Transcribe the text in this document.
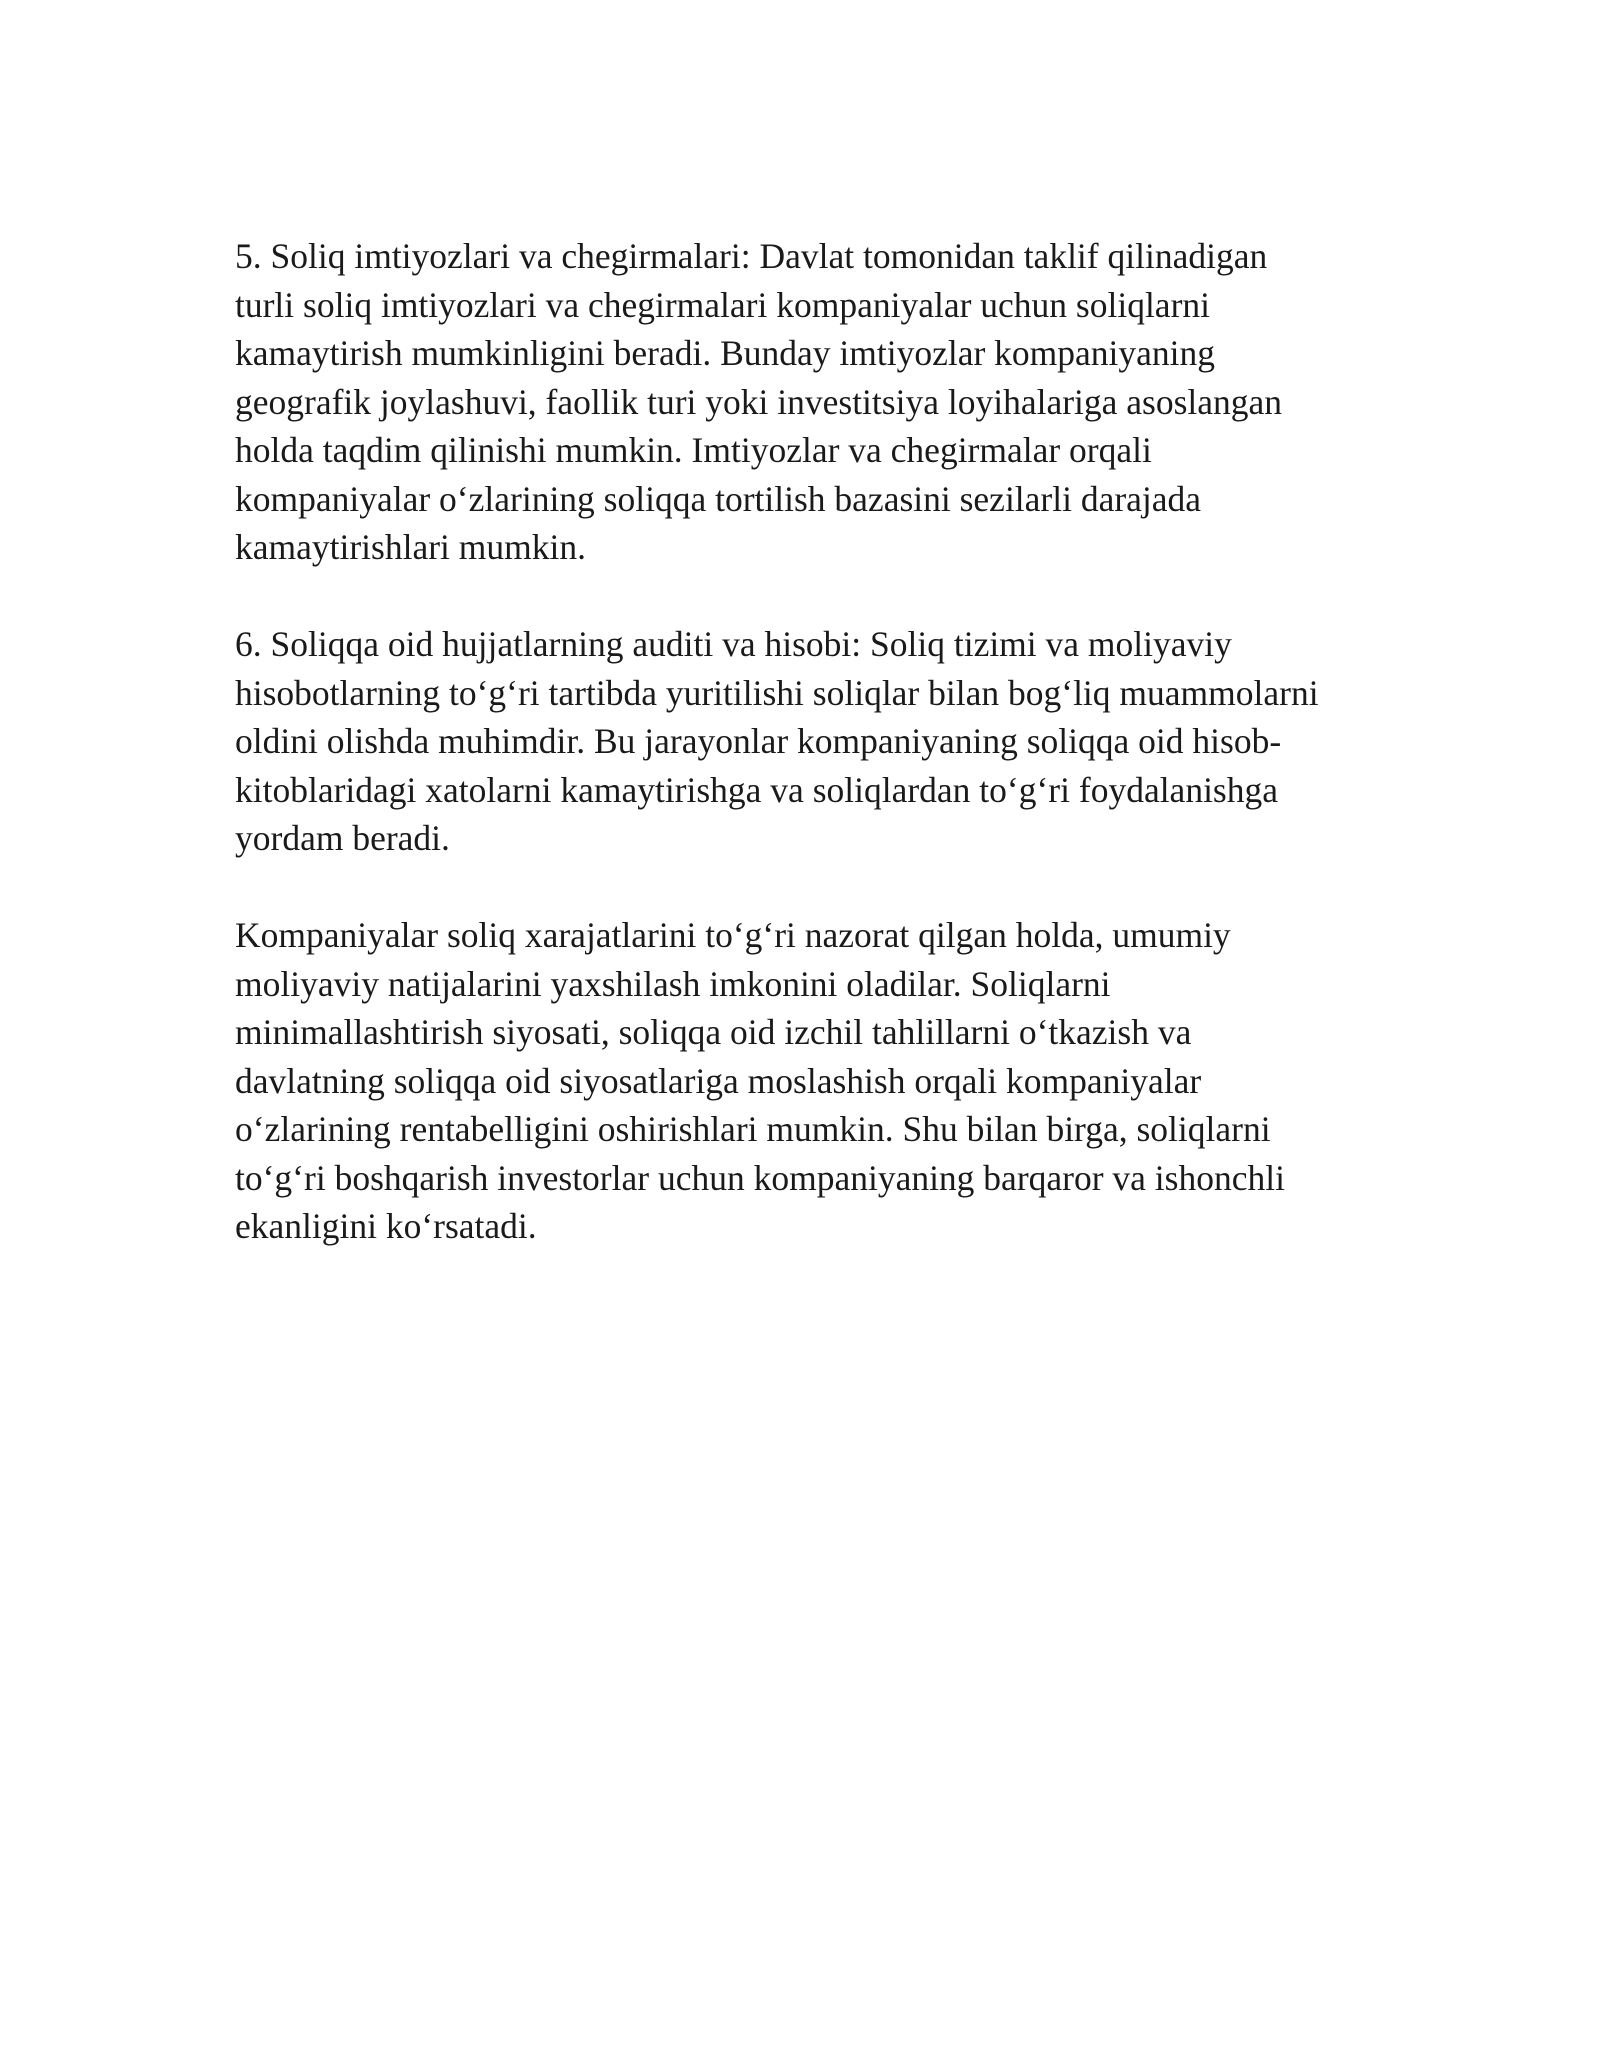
5. Soliq imtiyozlari va chegirmalari: Davlat tomonidan taklif qilinadigan
turli soliq imtiyozlari va chegirmalari kompaniyalar uchun soliqlarni
kamaytirish mumkinligini beradi. Bunday imtiyozlar kompaniyaning
geografik joylashuvi, faollik turi yoki investitsiya loyihalariga asoslangan
holda taqdim qilinishi mumkin. Imtiyozlar va chegirmalar orqali
kompaniyalar o‘zlarining soliqqa tortilish bazasini sezilarli darajada
kamaytirishlari mumkin.

6. Soliqqa oid hujjatlarning auditi va hisobi: Soliq tizimi va moliyaviy
hisobotlarning to‘g‘ri tartibda yuritilishi soliqlar bilan bog‘liq muammolarni
oldini olishda muhimdir. Bu jarayonlar kompaniyaning soliqqa oid hisob-
kitoblaridagi xatolarni kamaytirishga va soliqlardan to‘g‘ri foydalanishga
yordam beradi.

Kompaniyalar soliq xarajatlarini to‘g‘ri nazorat qilgan holda, umumiy
moliyaviy natijalarini yaxshilash imkonini oladilar. Soliqlarni
minimallashtirish siyosati, soliqqa oid izchil tahlillarni o‘tkazish va
davlatning soliqqa oid siyosatlariga moslashish orqali kompaniyalar
o‘zlarining rentabelligini oshirishlari mumkin. Shu bilan birga, soliqlarni
to‘g‘ri boshqarish investorlar uchun kompaniyaning barqaror va ishonchli
ekanligini ko‘rsatadi.
